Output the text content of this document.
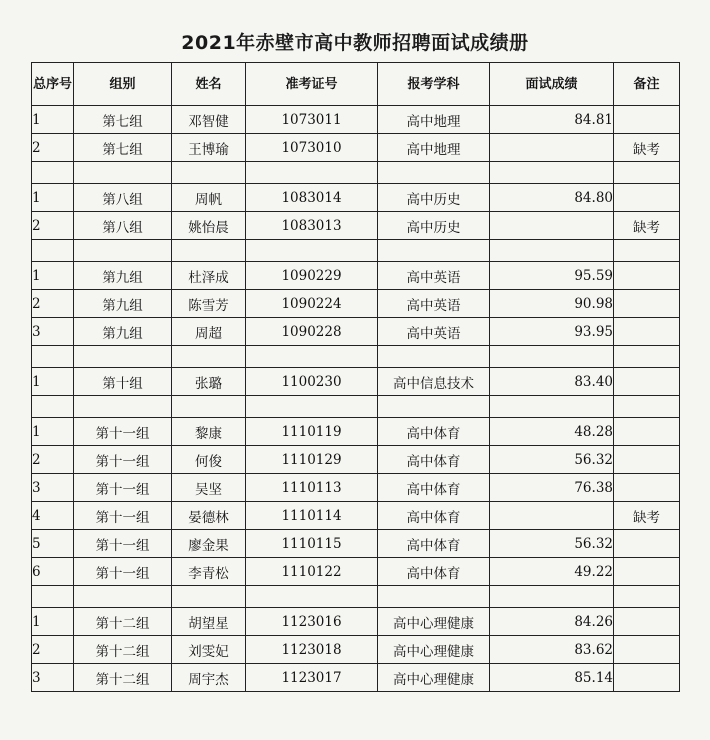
2021年赤壁市高中教师招聘面试成绩册
总序号	组别	姓名	准考证号	报考学科	面试成绩	备注
1	第七组	邓智健	1073011	高中地理	84.81	
2	第七组	王博瑜	1073010	高中地理		缺考

1	第八组	周帆	1083014	高中历史	84.80	
2	第八组	姚怡晨	1083013	高中历史		缺考

1	第九组	杜泽成	1090229	高中英语	95.59	
2	第九组	陈雪芳	1090224	高中英语	90.98	
3	第九组	周超	1090228	高中英语	93.95	

1	第十组	张璐	1100230	高中信息技术	83.40	

1	第十一组	黎康	1110119	高中体育	48.28	
2	第十一组	何俊	1110129	高中体育	56.32	
3	第十一组	吴坚	1110113	高中体育	76.38	
4	第十一组	晏德林	1110114	高中体育		缺考
5	第十一组	廖金果	1110115	高中体育	56.32	
6	第十一组	李青松	1110122	高中体育	49.22	

1	第十二组	胡望星	1123016	高中心理健康	84.26	
2	第十二组	刘雯妃	1123018	高中心理健康	83.62	
3	第十二组	周宇杰	1123017	高中心理健康	85.14	
